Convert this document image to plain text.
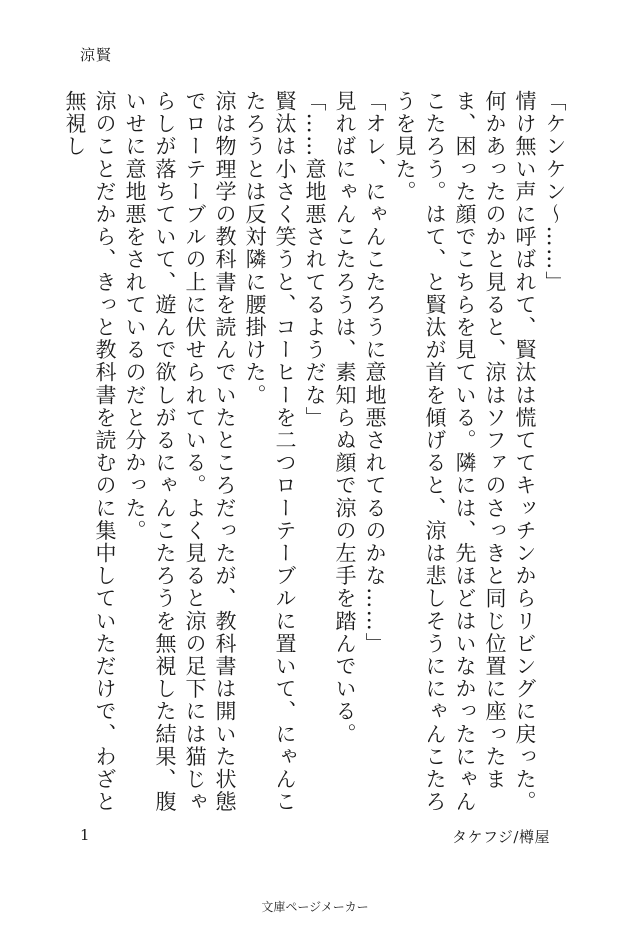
涼賢

「ケンケン〜……」

情け無い声に呼ばれて、賢汰は慌ててキッチンからリビングに戻った。何かあったのかと見ると、涼はソファのさっきと同じ位置に座ったまま、困った顔でこちらを見ている。隣には、先ほどはいなかったにゃんこたろう。はて、と賢汰が首を傾げると、涼は悲しそうににゃんこたろうを見た。

「オレ、にゃんこたろうに意地悪されてるのかな……」

見ればにゃんこたろうは、素知らぬ顔で涼の左手を踏んでいる。

「……意地悪されてるようだな」

賢汰は小さく笑うと、コーヒーを二つローテーブルに置いて、にゃんこたろうとは反対隣に腰掛けた。

涼は物理学の教科書を読んでいたところだったが、教科書は開いた状態でローテーブルの上に伏せられている。よく見ると涼の足下には猫じゃらしが落ちていて、遊んで欲しがるにゃんこたろうを無視した結果、腹いせに意地悪をされているのだと分かった。

涼のことだから、きっと教科書を読むのに集中していただけで、わざと無視し

1	タケフジ/樽屋
文庫ページメーカー
